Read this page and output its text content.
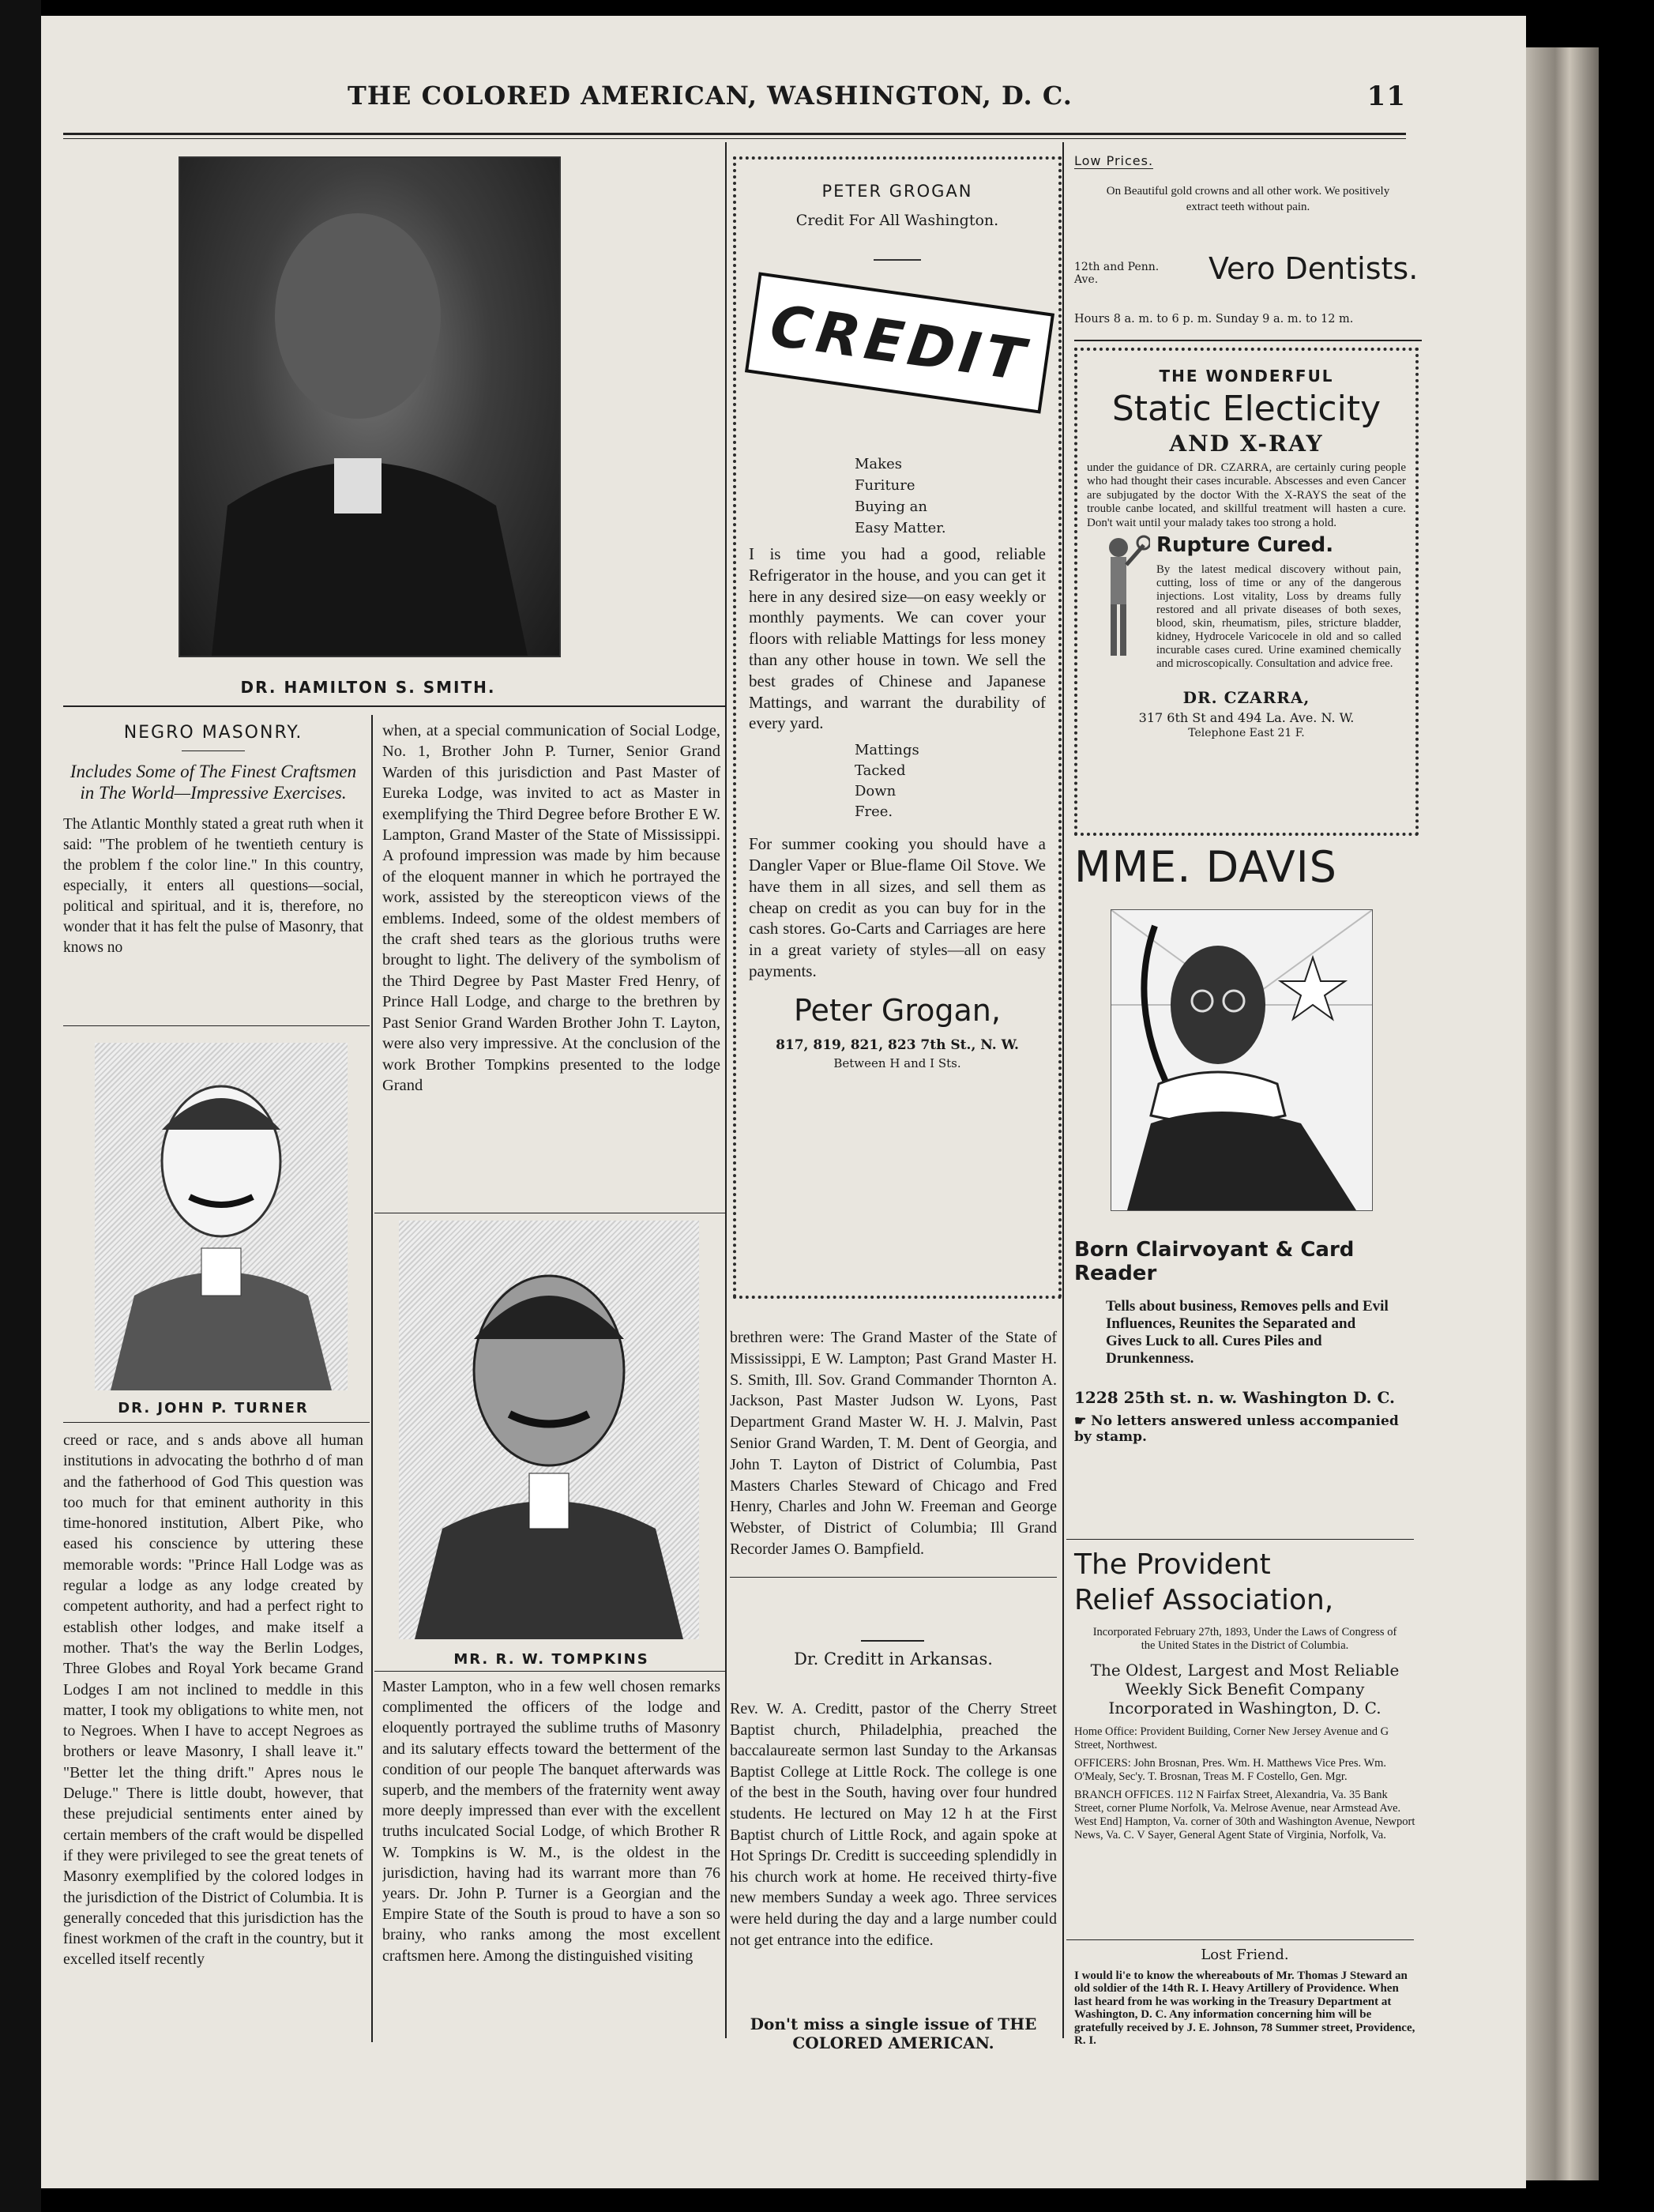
THE COLORED AMERICAN, WASHINGTON, D. C.	11
DR. HAMILTON S. SMITH.
NEGRO MASONRY.

Includes Some of The Finest Craftsmen in The World—Impressive Exercises.

The Atlantic Monthly stated a great ruth when it said: "The problem of he twentieth century is the problem f the color line." In this country, especially, it enters all questions—social, political and spiritual, and it is, therefore, no wonder that it has felt the pulse of Masonry, that knows no

DR. JOHN P. TURNER

creed or race, and s ands above all human institutions in advocating the bothrho d of man and the fatherhood of God This question was too much for that eminent authority in this time-honored institution, Albert Pike, who eased his conscience by uttering these memorable words: "Prince Hall Lodge was as regular a lodge as any lodge created by competent authority, and had a perfect right to establish other lodges, and make itself a mother. That's the way the Berlin Lodges, Three Globes and Royal York became Grand Lodges I am not inclined to meddle in this matter, I took my obligations to white men, not to Negroes. When I have to accept Negroes as brothers or leave Masonry, I shall leave it." "Better let the thing drift." Apres nous le Deluge." There is little doubt, however, that these prejudicial sentiments enter ained by certain members of the craft would be dispelled if they were privileged to see the great tenets of Masonry exemplified by the colored lodges in the jurisdiction of the District of Columbia. It is generally conceded that this jurisdiction has the finest workmen of the craft in the country, but it excelled itself recently

when, at a special communication of Social Lodge, No. 1, Brother John P. Turner, Senior Grand Warden of this jurisdiction and Past Master of Eureka Lodge, was invited to act as Master in exemplifying the Third Degree before Brother E W. Lampton, Grand Master of the State of Mississippi. A profound impression was made by him because of the eloquent manner in which he portrayed the work, assisted by the stereopticon views of the emblems. Indeed, some of the oldest members of the craft shed tears as the glorious truths were brought to light. The delivery of the symbolism of the Third Degree by Past Master Fred Henry, of Prince Hall Lodge, and charge to the brethren by Past Senior Grand Warden Brother John T. Layton, were also very impressive. At the conclusion of the work Brother Tompkins presented to the lodge Grand

MR. R. W. TOMPKINS

Master Lampton, who in a few well chosen remarks complimented the officers of the lodge and eloquently portrayed the sublime truths of Masonry and its salutary effects toward the betterment of the condition of our people The banquet afterwards was superb, and the members of the fraternity went away more deeply impressed than ever with the excellent truths inculcated Social Lodge, of which Brother R W. Tompkins is W. M., is the oldest in the jurisdiction, having had its warrant more than 76 years. Dr. John P. Turner is a Georgian and the Empire State of the South is proud to have a son so brainy, who ranks among the most excellent craftsmen here. Among the distinguished visiting

PETER GROGAN
Credit For All Washington.
CREDIT
Makes
Furiture
Buying an
Easy Matter.

I is time you had a good, reliable Refrigerator in the house, and you can get it here in any desired size—on easy weekly or monthly payments. We can cover your floors with reliable Mattings for less money than any other house in town. We sell the best grades of Chinese and Japanese Mattings, and warrant the durability of every yard.

Mattings
Tacked
Down
Free.

For summer cooking you should have a Dangler Vaper or Blue-flame Oil Stove. We have them in all sizes, and sell them as cheap on credit as you can buy for in the cash stores. Go-Carts and Carriages are here in a great variety of styles—all on easy payments.

Peter Grogan,
817, 819, 821, 823 7th St., N. W.
Between H and I Sts.

brethren were: The Grand Master of the State of Mississippi, E W. Lampton; Past Grand Master H. S. Smith, Ill. Sov. Grand Commander Thornton A. Jackson, Past Master Judson W. Lyons, Past Department Grand Master W. H. J. Malvin, Past Senior Grand Warden, T. M. Dent of Georgia, and John T. Layton of District of Columbia, Past Masters Charles Steward of Chicago and Fred Henry, Charles and John W. Freeman and George Webster, of District of Columbia; Ill Grand Recorder James O. Bampfield.

Dr. Creditt in Arkansas.

Rev. W. A. Creditt, pastor of the Cherry Street Baptist church, Philadelphia, preached the baccalaureate sermon last Sunday to the Arkansas Baptist College at Little Rock. The college is one of the best in the South, having over four hundred students. He lectured on May 12 h at the First Baptist church of Little Rock, and again spoke at Hot Springs Dr. Creditt is succeeding splendidly in his church work at home. He received thirty-five new members Sunday a week ago. Three services were held during the day and a large number could not get entrance into the edifice.

Don't miss a single issue of THE COLORED AMERICAN.
Low Prices.
On Beautiful gold crowns and all other work. We positively extract teeth without pain.
12th and Penn. Ave.	Vero Dentists.
Hours 8 a. m. to 6 p. m. Sunday 9 a. m. to 12 m.
THE WONDERFUL
Static Electicity
AND X-RAY

under the guidance of DR. CZARRA, are certainly curing people who had thought their cases incurable. Abscesses and even Cancer are subjugated by the doctor With the X-RAYS the seat of the trouble canbe located, and skillful treatment will hasten a cure. Don't wait until your malady takes too strong a hold.

Rupture Cured.

By the latest medical discovery without pain, cutting, loss of time or any of the dangerous injections. Lost vitality, Loss by dreams fully restored and all private diseases of both sexes, blood, skin, rheumatism, piles, stricture bladder, kidney, Hydrocele Varicocele in old and so called incurable cases cured. Urine examined chemically and microscopically. Consultation and advice free.

DR. CZARRA,
317 6th St and 494 La. Ave. N. W.
Telephone East 21 F.
MME. DAVIS
Born Clairvoyant & Card Reader

Tells about business, Removes pells and Evil Influences, Reunites the Separated and Gives Luck to all. Cures Piles and Drunkenness.

1228 25th st. n. w. Washington D. C.
☛ No letters answered unless accompanied by stamp.
The Provident
Relief Association,

Incorporated February 27th, 1893, Under the Laws of Congress of the United States in the District of Columbia.

The Oldest, Largest and Most Reliable Weekly Sick Benefit Company Incorporated in Washington, D. C.

Home Office: Provident Building, Corner New Jersey Avenue and G Street, Northwest.

OFFICERS: John Brosnan, Pres. Wm. H. Matthews Vice Pres. Wm. O'Mealy, Sec'y. T. Brosnan, Treas M. F Costello, Gen. Mgr.

BRANCH OFFICES. 112 N Fairfax Street, Alexandria, Va. 35 Bank Street, corner Plume Norfolk, Va. Melrose Avenue, near Armstead Ave. West End] Hampton, Va. corner of 30th and Washington Avenue, Newport News, Va. C. V Sayer, General Agent State of Virginia, Norfolk, Va.

Lost Friend.

I would li'e to know the whereabouts of Mr. Thomas J Steward an old soldier of the 14th R. I. Heavy Artillery of Providence. When last heard from he was working in the Treasury Department at Washington, D. C. Any information concerning him will be gratefully received by J. E. Johnson, 78 Summer street, Providence, R. I.
